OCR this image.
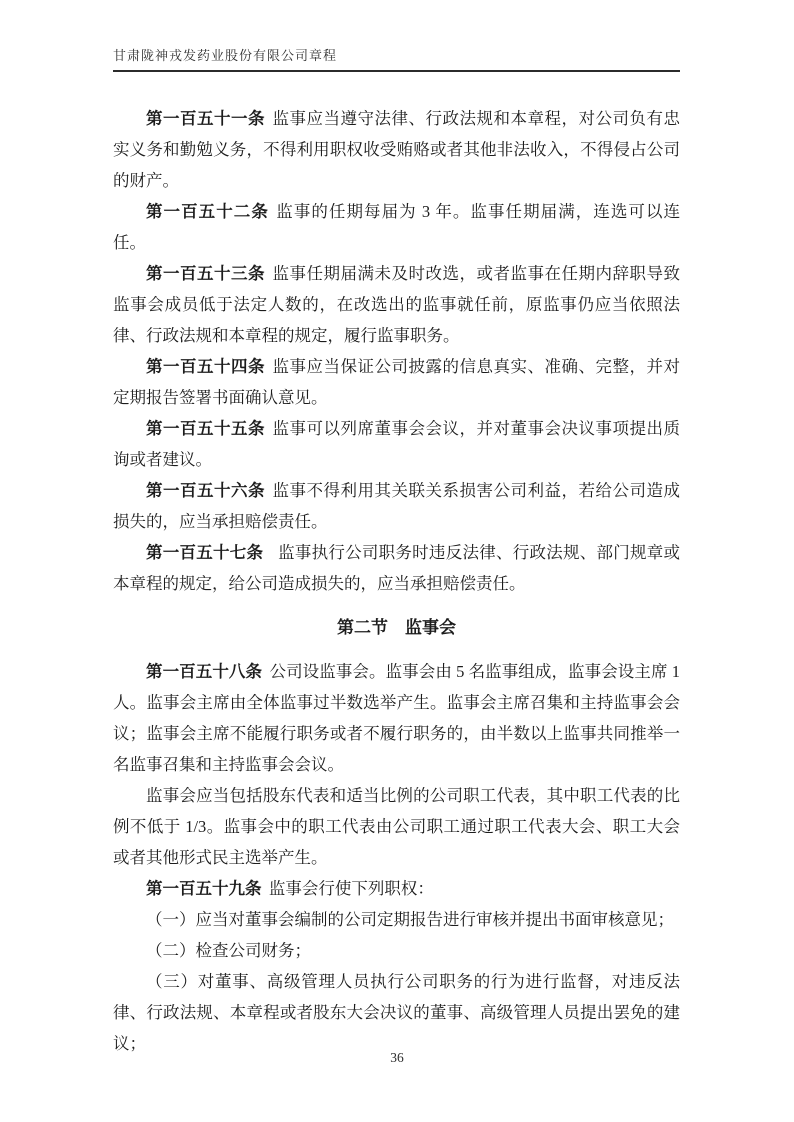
甘肃陇神戎发药业股份有限公司章程

第一百五十一条 监事应当遵守法律、行政法规和本章程，对公司负有忠实义务和勤勉义务，不得利用职权收受贿赂或者其他非法收入，不得侵占公司的财产。

第一百五十二条 监事的任期每届为 3 年。监事任期届满，连选可以连任。

第一百五十三条 监事任期届满未及时改选，或者监事在任期内辞职导致监事会成员低于法定人数的，在改选出的监事就任前，原监事仍应当依照法律、行政法规和本章程的规定，履行监事职务。

第一百五十四条 监事应当保证公司披露的信息真实、准确、完整，并对定期报告签署书面确认意见。

第一百五十五条 监事可以列席董事会会议，并对董事会决议事项提出质询或者建议。

第一百五十六条 监事不得利用其关联关系损害公司利益，若给公司造成损失的，应当承担赔偿责任。

第一百五十七条 监事执行公司职务时违反法律、行政法规、部门规章或本章程的规定，给公司造成损失的，应当承担赔偿责任。

第二节　监事会

第一百五十八条 公司设监事会。监事会由 5 名监事组成，监事会设主席 1 人。监事会主席由全体监事过半数选举产生。监事会主席召集和主持监事会会议；监事会主席不能履行职务或者不履行职务的，由半数以上监事共同推举一名监事召集和主持监事会会议。

监事会应当包括股东代表和适当比例的公司职工代表，其中职工代表的比例不低于 1/3。监事会中的职工代表由公司职工通过职工代表大会、职工大会或者其他形式民主选举产生。

第一百五十九条 监事会行使下列职权：

（一）应当对董事会编制的公司定期报告进行审核并提出书面审核意见；

（二）检查公司财务；

（三）对董事、高级管理人员执行公司职务的行为进行监督，对违反法律、行政法规、本章程或者股东大会决议的董事、高级管理人员提出罢免的建议；

36
